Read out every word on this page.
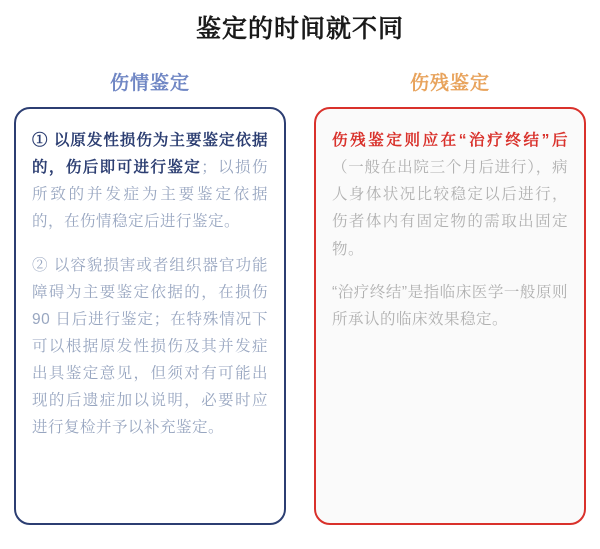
鉴定的时间就不同
伤情鉴定

① 以原发性损伤为主要鉴定依据的，伤后即可进行鉴定；以损伤所致的并发症为主要鉴定依据的，在伤情稳定后进行鉴定。

② 以容貌损害或者组织器官功能障碍为主要鉴定依据的，在损伤 90 日后进行鉴定；在特殊情况下可以根据原发性损伤及其并发症出具鉴定意见，但须对有可能出现的后遗症加以说明，必要时应进行复检并予以补充鉴定。

伤残鉴定

伤残鉴定则应在“治疗终结”后（一般在出院三个月后进行），病人身体状况比较稳定以后进行，伤者体内有固定物的需取出固定物。

“治疗终结”是指临床医学一般原则所承认的临床效果稳定。
